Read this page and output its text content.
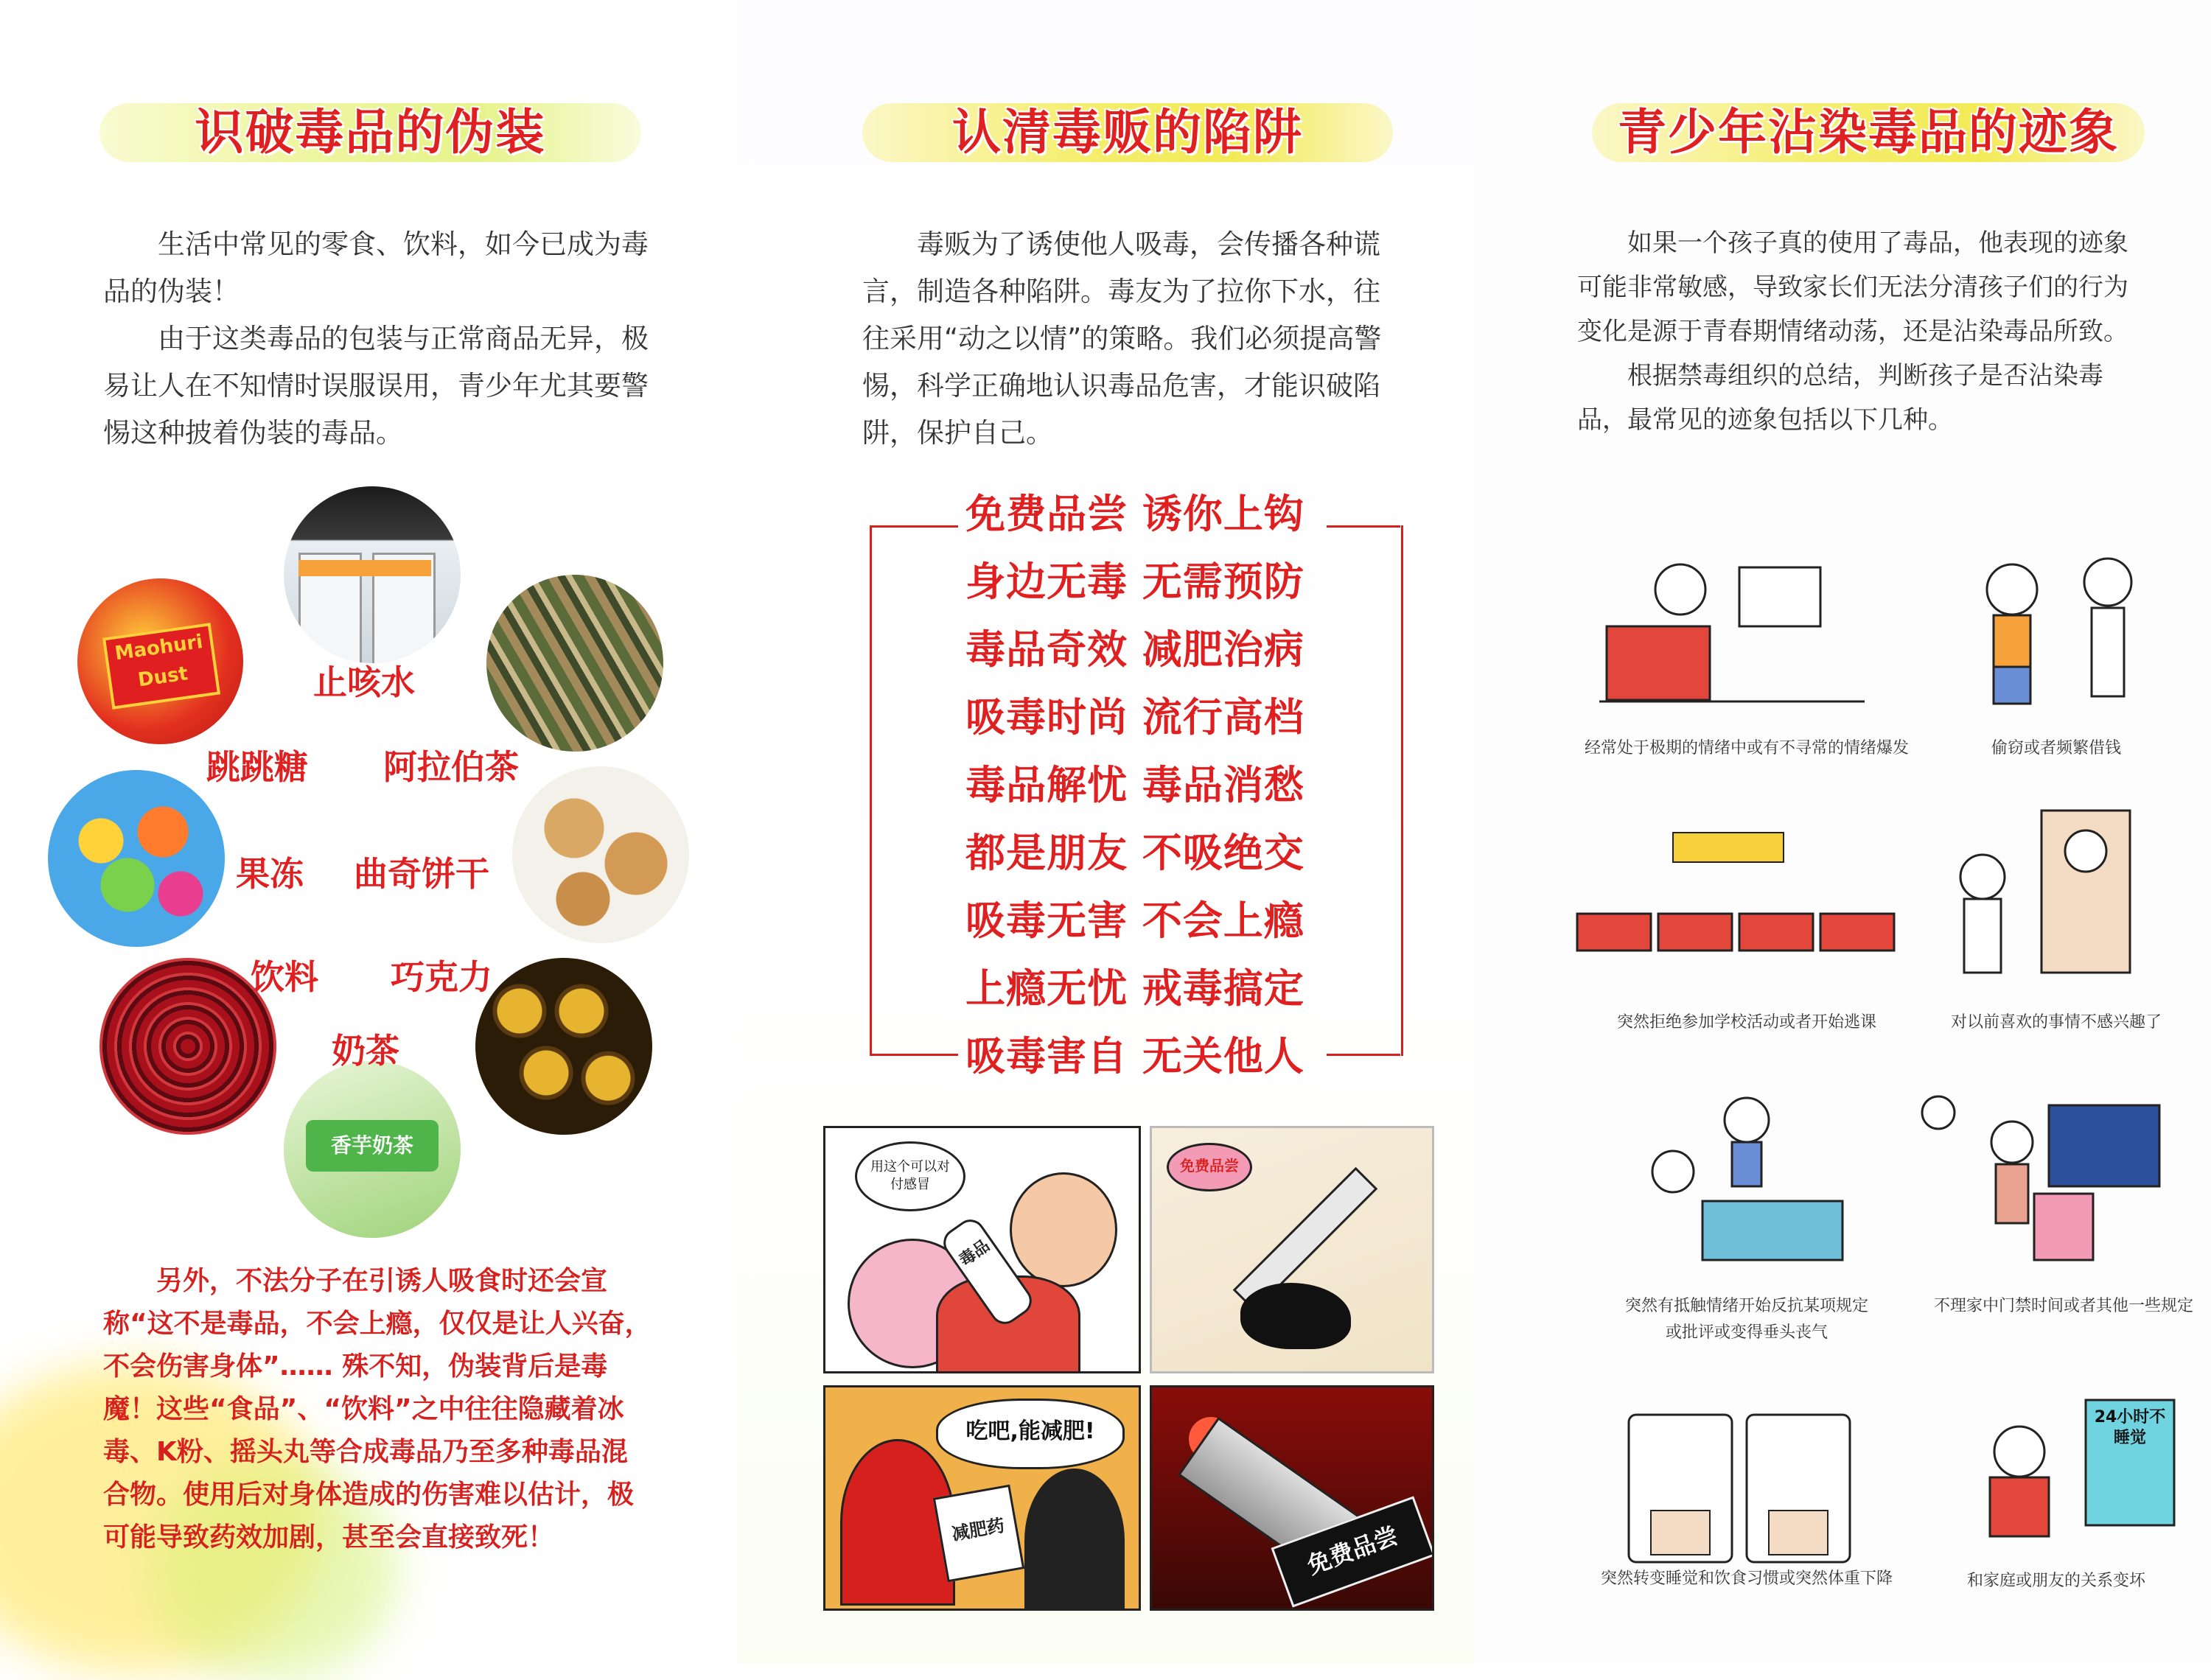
识破毒品的伪装

生活中常见的零食、饮料，如今已成为毒品的伪装！

由于这类毒品的包装与正常商品无异，极易让人在不知情时误服误用，青少年尤其要警惕这种披着伪装的毒品。

Maohuri Dust
香芋奶茶
止咳水
跳跳糖 阿拉伯茶
果冻 曲奇饼干
饮料 巧克力
奶茶

另外，不法分子在引诱人吸食时还会宣称“这不是毒品，不会上瘾，仅仅是让人兴奋，不会伤害身体”…… 殊不知，伪装背后是毒魔！这些“食品”、“饮料”之中往往隐藏着冰毒、K粉、摇头丸等合成毒品乃至多种毒品混合物。使用后对身体造成的伤害难以估计，极可能导致药效加剧，甚至会直接致死！

认清毒贩的陷阱

毒贩为了诱使他人吸毒，会传播各种谎言，制造各种陷阱。毒友为了拉你下水，往往采用“动之以情”的策略。我们必须提高警惕，科学正确地认识毒品危害，才能识破陷阱，保护自己。

免费品尝 诱你上钩
身边无毒 无需预防
毒品奇效 减肥治病
吸毒时尚 流行高档
毒品解忧 毒品消愁
都是朋友 不吸绝交
吸毒无害 不会上瘾
上瘾无忧 戒毒搞定
吸毒害自 无关他人
毒品
用这个可以对付感冒
免费品尝
吃吧,能减肥!
减肥药	免费品尝
青少年沾染毒品的迹象

如果一个孩子真的使用了毒品，他表现的迹象可能非常敏感，导致家长们无法分清孩子们的行为变化是源于青春期情绪动荡，还是沾染毒品所致。

根据禁毒组织的总结，判断孩子是否沾染毒品，最常见的迹象包括以下几种。

经常处于极期的情绪中或有不寻常的情绪爆发	偷窃或者频繁借钱
突然拒绝参加学校活动或者开始逃课	对以前喜欢的事情不感兴趣了
突然有抵触情绪开始反抗某项规定
或批评或变得垂头丧气
不理家中门禁时间或者其他一些规定
24小时不睡觉
突然转变睡觉和饮食习惯或突然体重下降	和家庭或朋友的关系变坏
